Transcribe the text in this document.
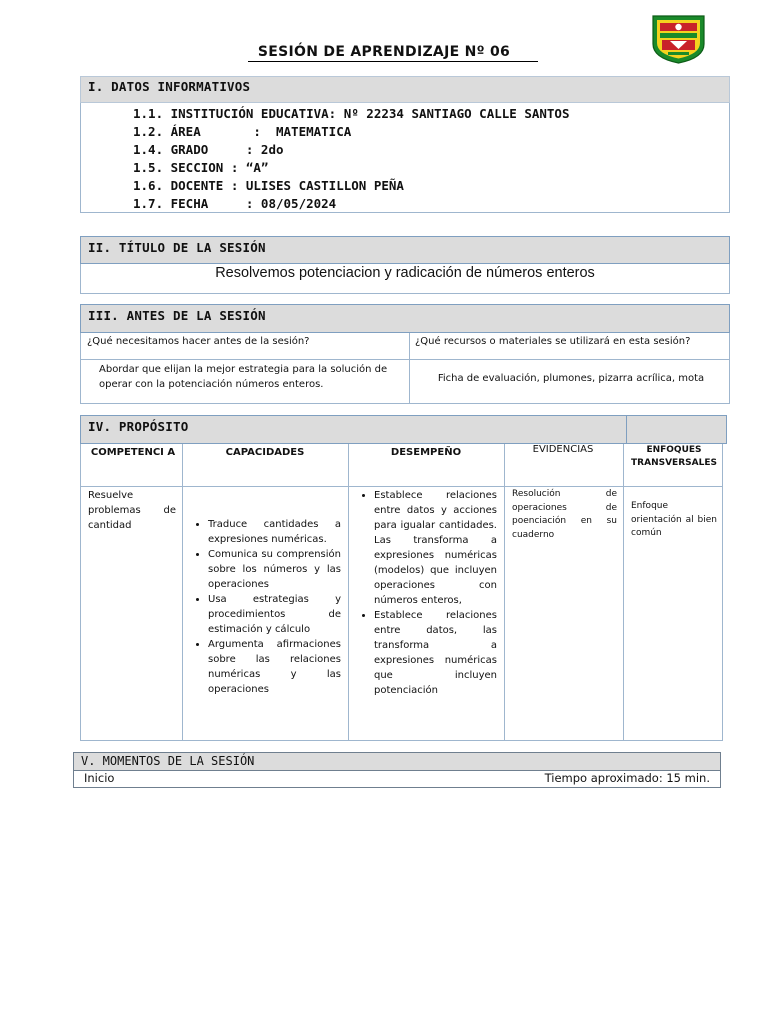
SESIÓN DE APRENDIZAJE Nº 06
I. DATOS INFORMATIVOS
1.1. INSTITUCIÓN EDUCATIVA: Nº 22234 SANTIAGO CALLE SANTOS
1.2. ÁREA       :  MATEMATICA
1.4. GRADO     : 2do
1.5. SECCION : “A”
1.6. DOCENTE : ULISES CASTILLON PEÑA
1.7. FECHA     : 08/05/2024
II. TÍTULO DE LA SESIÓN
Resolvemos potenciacion y radicación de números enteros
III. ANTES DE LA SESIÓN
¿Qué necesitamos hacer antes de la sesión?	¿Qué recursos o materiales se utilizará en esta sesión?
Abordar que elijan la mejor estrategia para la solución de operar con la potenciación números enteros.
Ficha de evaluación, plumones, pizarra acrílica, mota
IV. PROPÓSITO
COMPETENCI A	CAPACIDADES	DESEMPEÑO	EVIDENCIAS	ENFOQUES TRANSVERSALES
Resuelve problemas de cantidad
•	Traduce cantidades a expresiones numéricas.
• Comunica su comprensión sobre los números y las operaciones
• Usa estrategias y procedimientos de estimación y cálculo
• Argumenta afirmaciones sobre las relaciones numéricas y las operaciones
• Establece relaciones entre datos y acciones para igualar cantidades. Las transforma a expresiones numéricas (modelos) que incluyen operaciones con números enteros,
• Establece relaciones entre datos, las transforma a expresiones numéricas que incluyen potenciación
Resolución de operaciones de poenciación en su cuaderno
Enfoque orientación al bien común
V. MOMENTOS DE LA SESIÓN
Inicio	Tiempo aproximado: 15 min.
